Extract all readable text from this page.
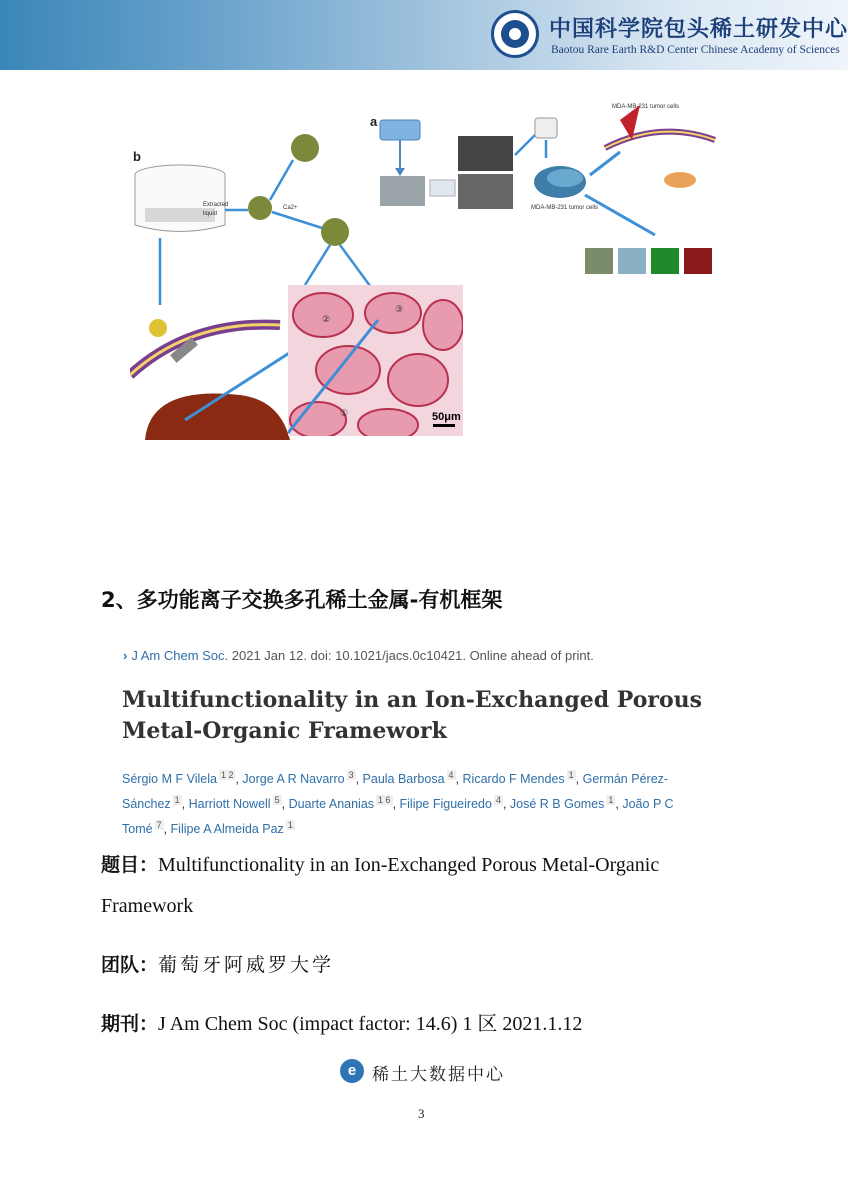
中国科学院包头稀土研发中心
Baotou Rare Earth R&D Center Chinese Academy of Sciences
a
MDA-MB-231 tumor cells
MDA-MB-231 tumor cells
b
Extracted
liquid
Ca2+
②
③
①	50μm
2、多功能离子交换多孔稀土金属-有机框架
› J Am Chem Soc. 2021 Jan 12. doi: 10.1021/jacs.0c10421. Online ahead of print.
Multifunctionality in an Ion-Exchanged Porous Metal-Organic Framework
Sérgio M F Vilela $^{1 2}$ , Jorge A R Navarro $^3$ , Paula Barbosa $^4$ , Ricardo F Mendes $^1$ , Germán Pérez-Sánchez $^1$ , Harriott Nowell $^5$ , Duarte Ananias $^{1 6}$ , Filipe Figueiredo $^4$ , José R B Gomes $^1$ , João P C Tomé $^7$ , Filipe A Almeida Paz $^1$
题目：Multifunctionality in an Ion-Exchanged Porous Metal-Organic
Framework
团队：葡萄牙阿威罗大学
期刊：J Am Chem Soc (impact factor: 14.6) 1 区 2021.1.12
e 稀土大数据中心
3
